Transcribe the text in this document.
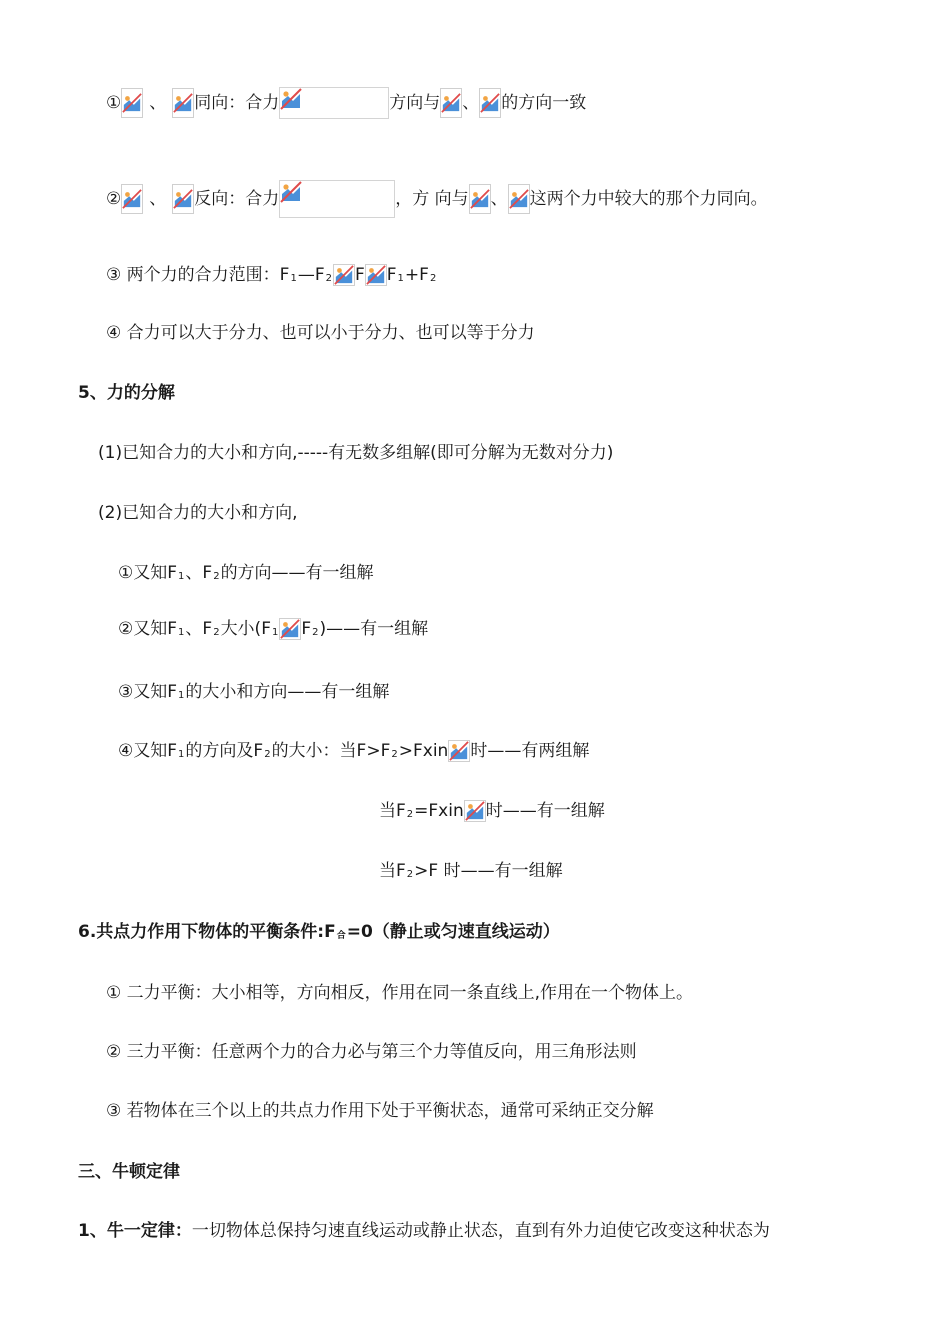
① 、 同向：合力	方向与 、 的方向一致
② 、 反向：合力	，方 向与 、 这两个力中较大的那个力同向。
③ 两个力的合力范围：F 1 —F 2 F F 1 +F 2
④ 合力可以大于分力、也可以小于分力、也可以等于分力
5、力的分解
(1)已知合力的大小和方向,-----有无数多组解(即可分解为无数对分力)
(2)已知合力的大小和方向,
①又知F 1 、F 2 的方向——有一组解
②又知F 1 、F 2 大小(F 1 F 2 )——有一组解
③又知F 1 的大小和方向——有一组解
④又知F 1 的方向及F 2 的大小：当F>F 2 >Fxin 时——有两组解
当F 2 =Fxin 时——有一组解
当F 2 >F 时——有一组解
6.共点力作用下物体的平衡条件:F 合 =0（静止或匀速直线运动）
① 二力平衡：大小相等，方向相反，作用在同一条直线上,作用在一个物体上。
② 三力平衡：任意两个力的合力必与第三个力等值反向，用三角形法则
③ 若物体在三个以上的共点力作用下处于平衡状态，通常可采纳正交分解
三、牛顿定律
1、牛一定律： 一切物体总保持匀速直线运动或静止状态，直到有外力迫使它改变这种状态为
